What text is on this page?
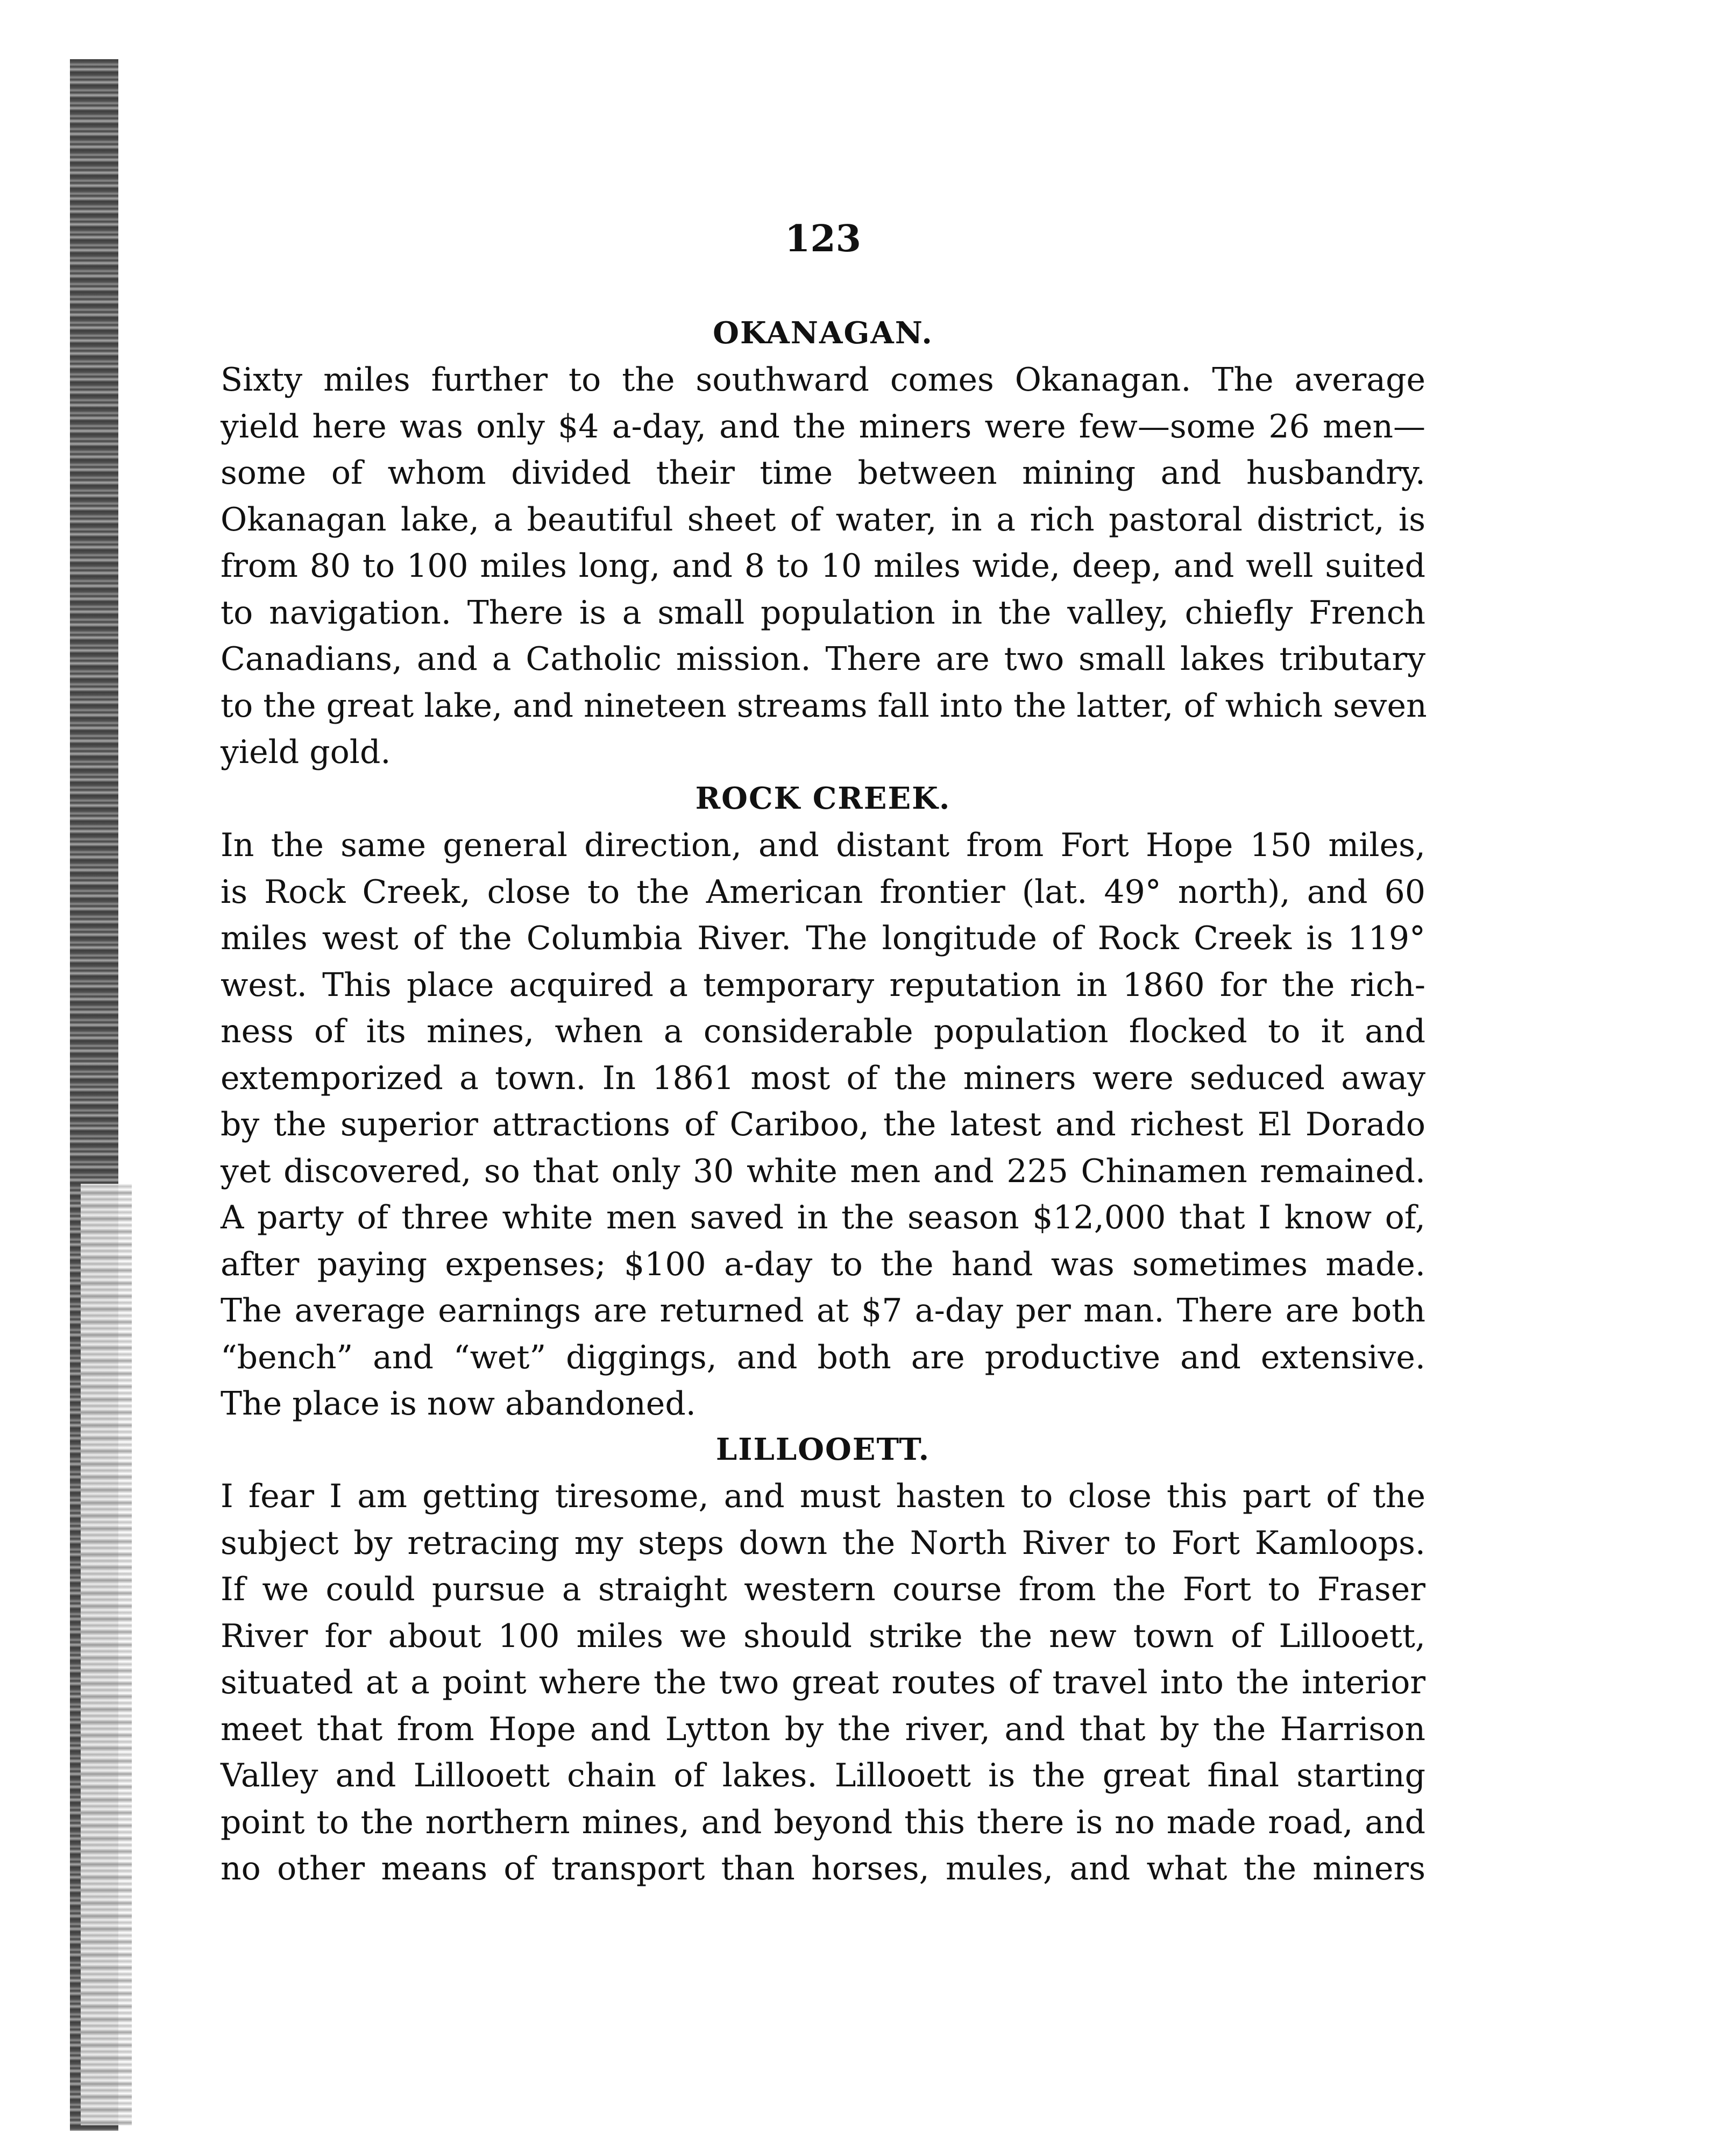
123
OKANAGAN.

Sixty miles further to the southward comes Okanagan. The average
yield here was only $4 a-day, and the miners were few—some 26 men—
some of whom divided their time between mining and husbandry.
Okanagan lake, a beautiful sheet of water, in a rich pastoral district, is
from 80 to 100 miles long, and 8 to 10 miles wide, deep, and well suited
to navigation. There is a small population in the valley, chiefly French
Canadians, and a Catholic mission. There are two small lakes tributary
to the great lake, and nineteen streams fall into the latter, of which seven
yield gold.

ROCK CREEK.

In the same general direction, and distant from Fort Hope 150 miles,
is Rock Creek, close to the American frontier (lat. 49° north), and 60
miles west of the Columbia River. The longitude of Rock Creek is 119°
west. This place acquired a temporary reputation in 1860 for the rich-
ness of its mines, when a considerable population flocked to it and
extemporized a town. In 1861 most of the miners were seduced away
by the superior attractions of Cariboo, the latest and richest El Dorado
yet discovered, so that only 30 white men and 225 Chinamen remained.
A party of three white men saved in the season $12,000 that I know of,
after paying expenses; $100 a-day to the hand was sometimes made.
The average earnings are returned at $7 a-day per man. There are both
“bench” and “wet” diggings, and both are productive and extensive.
The place is now abandoned.

LILLOOETT.

I fear I am getting tiresome, and must hasten to close this part of the
subject by retracing my steps down the North River to Fort Kamloops.
If we could pursue a straight western course from the Fort to Fraser
River for about 100 miles we should strike the new town of Lillooett,
situated at a point where the two great routes of travel into the interior
meet that from Hope and Lytton by the river, and that by the Harrison
Valley and Lillooett chain of lakes. Lillooett is the great final starting
point to the northern mines, and beyond this there is no made road, and
no other means of transport than horses, mules, and what the miners
